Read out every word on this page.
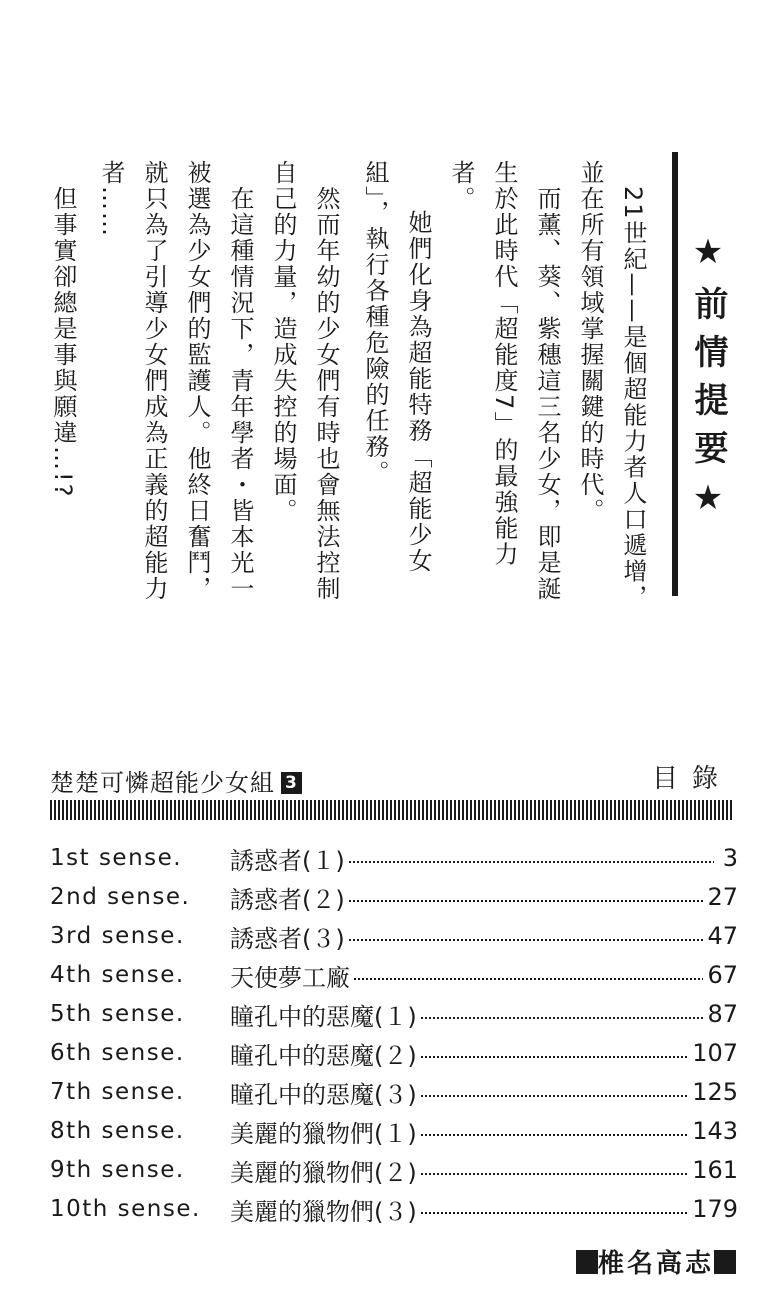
★前情提要★
21世紀——是個超能力者人口遞增，
並在所有領域掌握關鍵的時代。
而薰、葵、紫穗這三名少女，即是誕
生於此時代「超能度7」的最強能力
者。
她們化身為超能特務「超能少女
組」，執行各種危險的任務。
然而年幼的少女們有時也會無法控制
自己的力量，造成失控的場面。
在這種情況下，青年學者・皆本光一
被選為少女們的監護人。他終日奮鬥，
就只為了引導少女們成為正義的超能力
者……
但事實卻總是事與願違…!?
楚楚可憐超能少女組 3	目錄
1st sense.	誘惑者(１)	3
2nd sense.	誘惑者(２)	27
3rd sense.	誘惑者(３)	47
4th sense.	天使夢工廠	67
5th sense.	瞳孔中的惡魔(１)	87
6th sense.	瞳孔中的惡魔(２)	107
7th sense.	瞳孔中的惡魔(３)	125
8th sense.	美麗的獵物們(１)	143
9th sense.	美麗的獵物們(２)	161
10th sense.	美麗的獵物們(３)	179
椎名高志
